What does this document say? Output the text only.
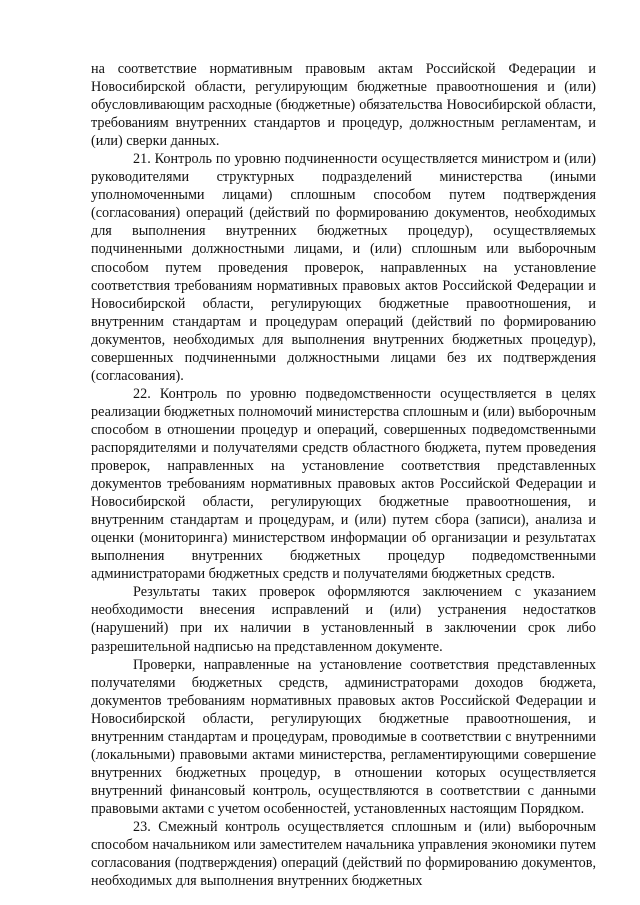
на соответствие нормативным правовым актам Российской Федерации и Новосибирской области, регулирующим бюджетные правоотношения и (или) обусловливающим расходные (бюджетные) обязательства Новосибирской области, требованиям внутренних стандартов и процедур, должностным регламентам, и (или) сверки данных.

21. Контроль по уровню подчиненности осуществляется министром и (или) руководителями структурных подразделений министерства (иными уполномоченными лицами) сплошным способом путем подтверждения (согласования) операций (действий по формированию документов, необходимых для выполнения внутренних бюджетных процедур), осуществляемых подчиненными должностными лицами, и (или) сплошным или выборочным способом путем проведения проверок, направленных на установление соответствия требованиям нормативных правовых актов Российской Федерации и Новосибирской области, регулирующих бюджетные правоотношения, и внутренним стандартам и процедурам операций (действий по формированию документов, необходимых для выполнения внутренних бюджетных процедур), совершенных подчиненными должностными лицами без их подтверждения (согласования).

22. Контроль по уровню подведомственности осуществляется в целях реализации бюджетных полномочий министерства сплошным и (или) выборочным способом в отношении процедур и операций, совершенных подведомственными распорядителями и получателями средств областного бюджета, путем проведения проверок, направленных на установление соответствия представленных документов требованиям нормативных правовых актов Российской Федерации и Новосибирской области, регулирующих бюджетные правоотношения, и внутренним стандартам и процедурам, и (или) путем сбора (записи), анализа и оценки (мониторинга) министерством информации об организации и результатах выполнения внутренних бюджетных процедур подведомственными администраторами бюджетных средств и получателями бюджетных средств.

Результаты таких проверок оформляются заключением с указанием необходимости внесения исправлений и (или) устранения недостатков (нарушений) при их наличии в установленный в заключении срок либо разрешительной надписью на представленном документе.

Проверки, направленные на установление соответствия представленных получателями бюджетных средств, администраторами доходов бюджета, документов требованиям нормативных правовых актов Российской Федерации и Новосибирской области, регулирующих бюджетные правоотношения, и внутренним стандартам и процедурам, проводимые в соответствии с внутренними (локальными) правовыми актами министерства, регламентирующими совершение внутренних бюджетных процедур, в отношении которых осуществляется внутренний финансовый контроль, осуществляются в соответствии с данными правовыми актами с учетом особенностей, установленных настоящим Порядком.

23. Смежный контроль осуществляется сплошным и (или) выборочным способом начальником или заместителем начальника управления экономики путем согласования (подтверждения) операций (действий по формированию документов, необходимых для выполнения внутренних бюджетных
